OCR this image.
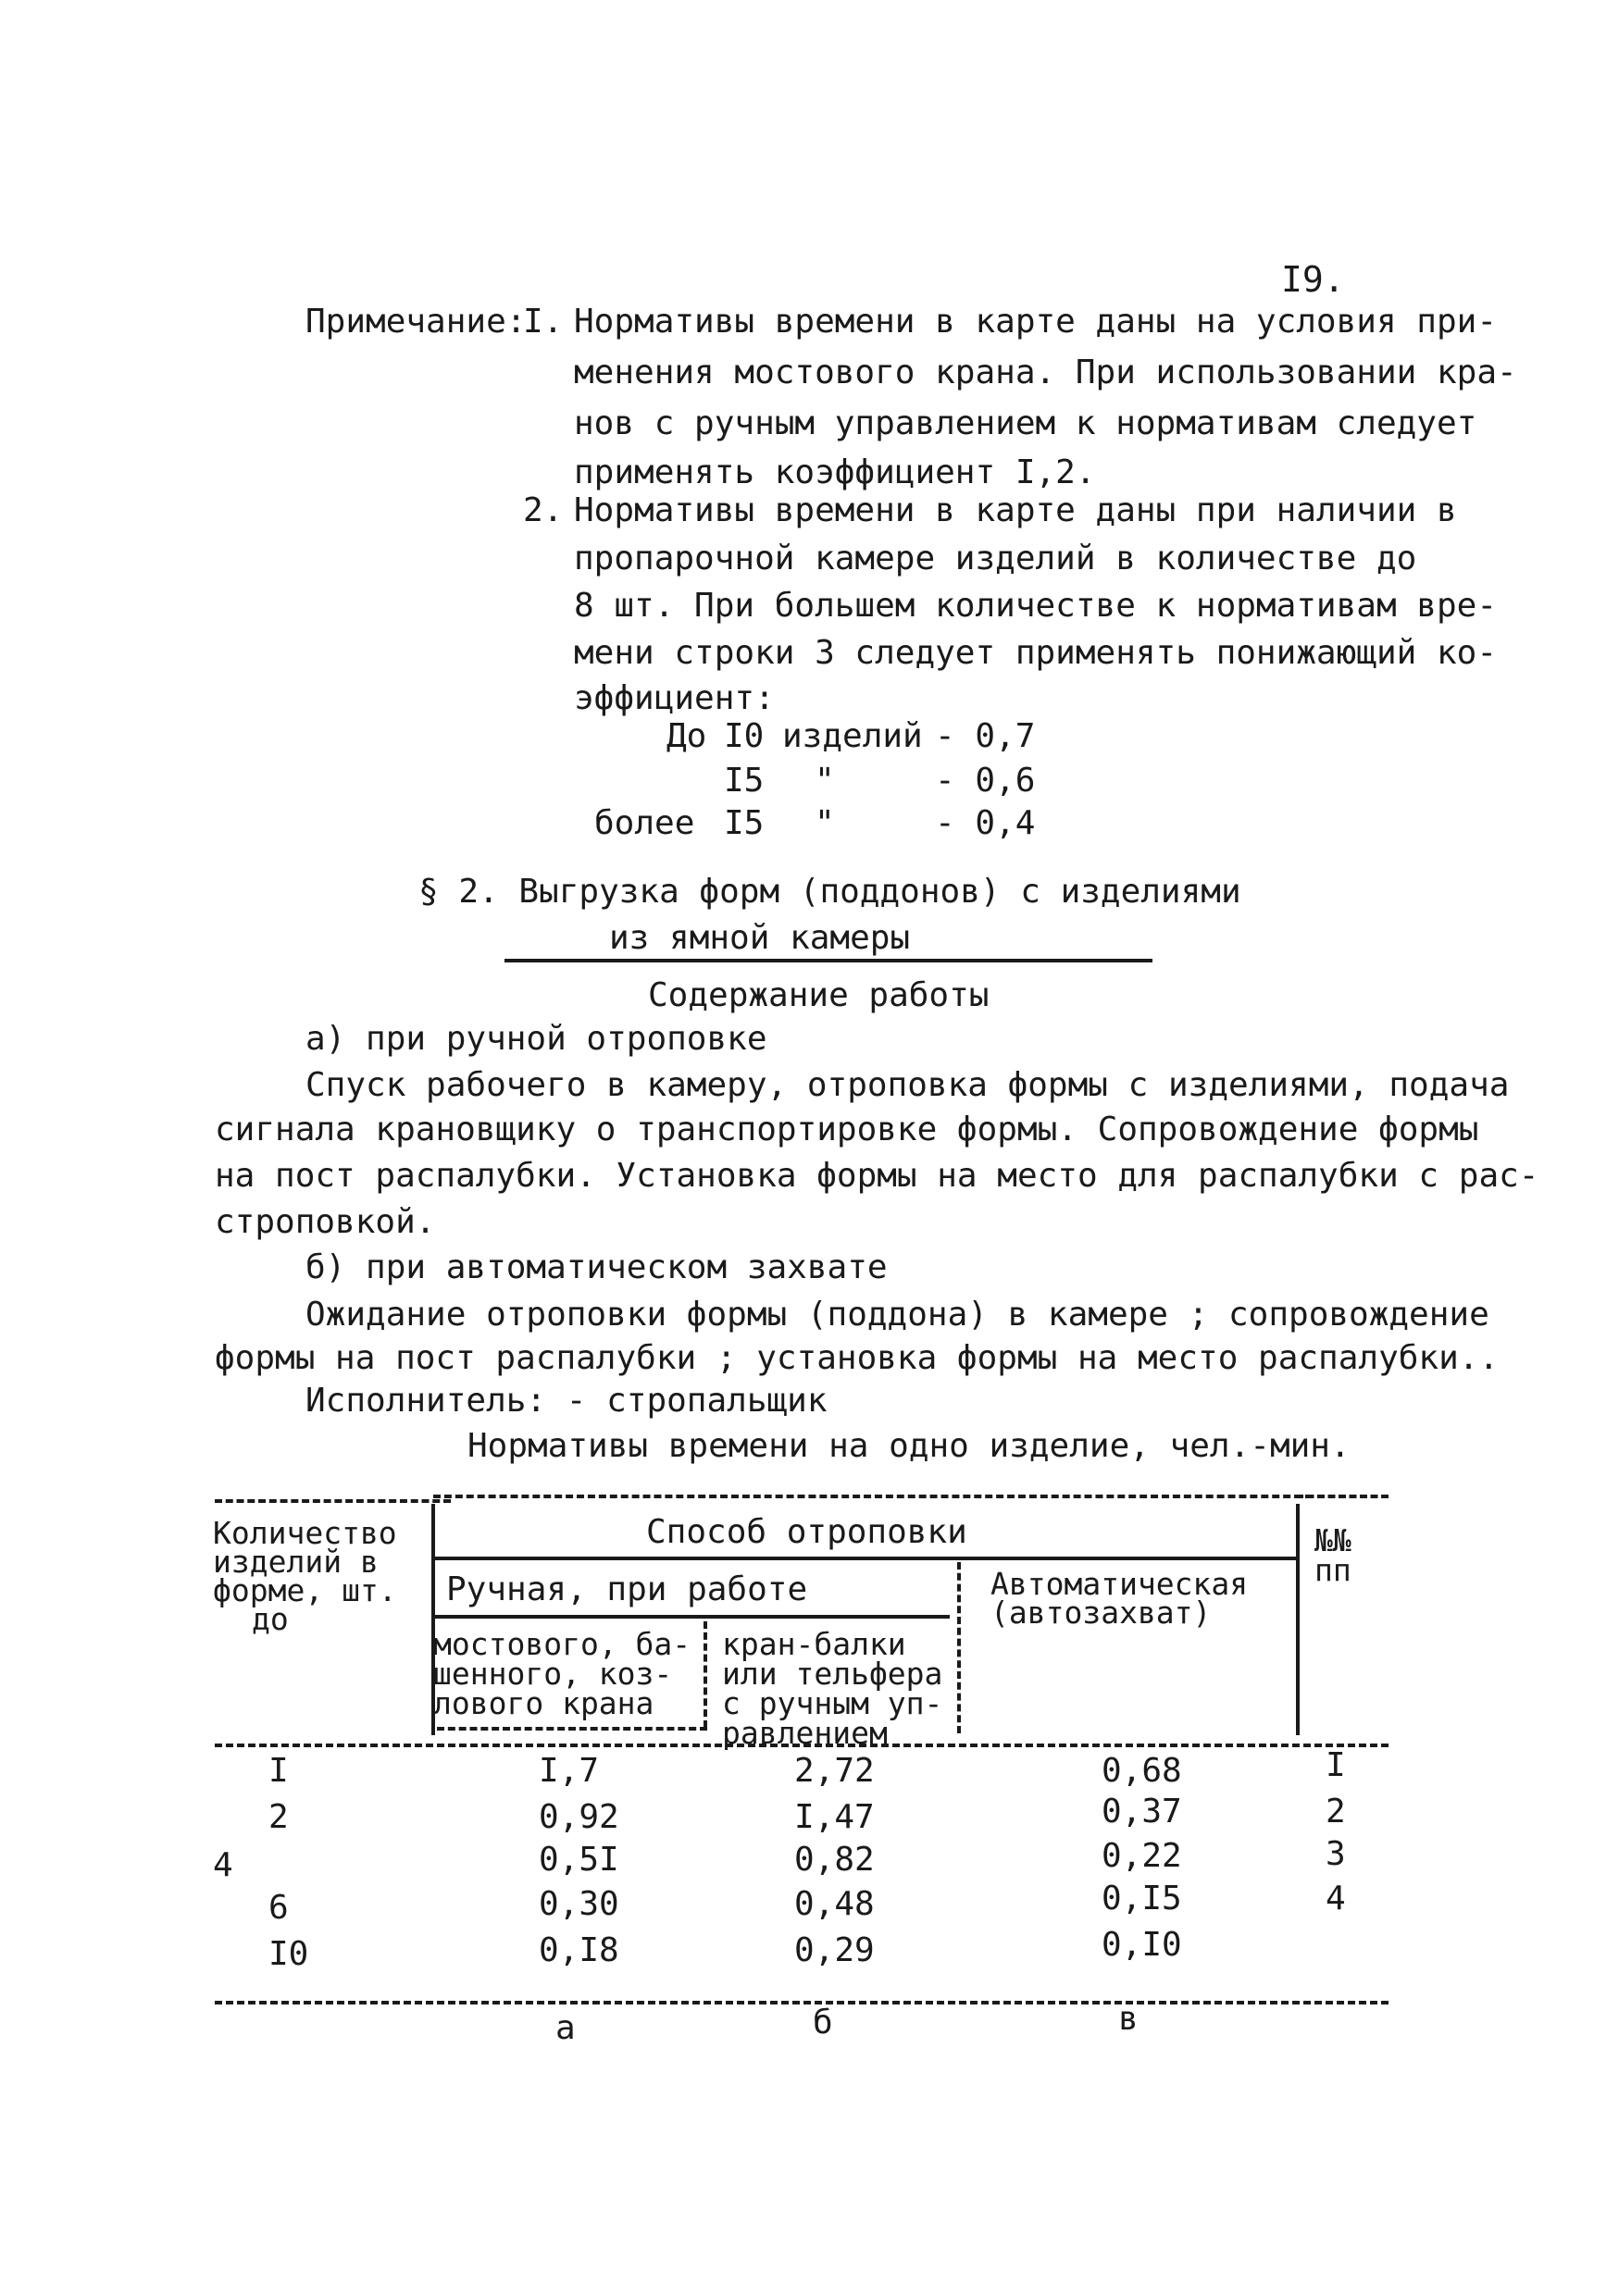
I9.
Примечание:
I. Нормативы времени в карте даны на условия при-
менения мостового крана. При использовании кра-
нов с ручным управлением к нормативам следует
применять коэффициент I,2.
2. Нормативы времени в карте даны при наличии в
пропарочной камере изделий в количестве до
8 шт. При большем количестве к нормативам вре-
мени строки 3 следует применять понижающий ко-
эффициент:
До I0 изделий - 0,7
I5 "	- 0,6
более I5 "	- 0,4
§ 2. Выгрузка форм (поддонов) с изделиями
из ямной камеры
Содержание работы
а) при ручной отроповке
Спуск рабочего в камеру, отроповка формы с изделиями, подача
сигнала крановщику о транспортировке формы. Сопровождение формы
на пост распалубки. Установка формы на место для распалубки с рас-
строповкой.
б) при автоматическом захвате
Ожидание отроповки формы (поддона) в камере ; сопровождение
формы на пост распалубки ; установка формы на место распалубки..
Исполнитель: - стропальщик
Нормативы времени на одно изделие, чел.-мин.
Количество
изделий в
форме, шт.
до
Способ отроповки
Ручная, при работе
мостового, ба-
шенного, коз-
лового крана
кран-балки
или тельфера
с ручным уп-
равлением
Автоматическая
(автозахват)
№№
пп
I	I,7	2,72	0,68	I
2	0,92	I,47	0,37	2
4	0,5I	0,82	0,22	3
6	0,30	0,48	0,I5	4
I0	0,I8	0,29	0,I0
а	б	в
